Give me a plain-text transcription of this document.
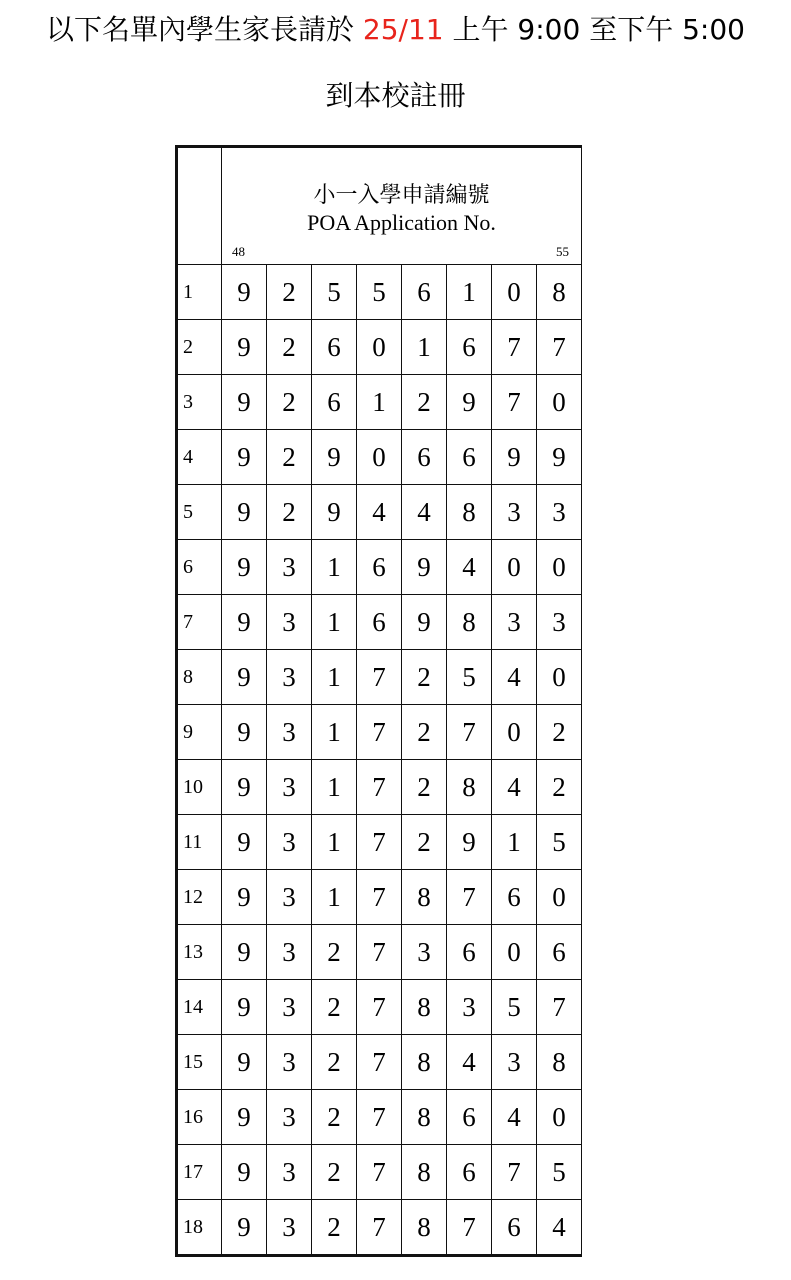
以下名單內學生家長請於 25/11 上午 9:00 至下午 5:00
到本校註冊

	小一入學申請編號
POA Application No.
48 55							

1	9	2	5	5	6	1	0	8
2	9	2	6	0	1	6	7	7
3	9	2	6	1	2	9	7	0
4	9	2	9	0	6	6	9	9
5	9	2	9	4	4	8	3	3
6	9	3	1	6	9	4	0	0
7	9	3	1	6	9	8	3	3
8	9	3	1	7	2	5	4	0
9	9	3	1	7	2	7	0	2
10	9	3	1	7	2	8	4	2
11	9	3	1	7	2	9	1	5
12	9	3	1	7	8	7	6	0
13	9	3	2	7	3	6	0	6
14	9	3	2	7	8	3	5	7
15	9	3	2	7	8	4	3	8
16	9	3	2	7	8	6	4	0
17	9	3	2	7	8	6	7	5
18	9	3	2	7	8	7	6	4
